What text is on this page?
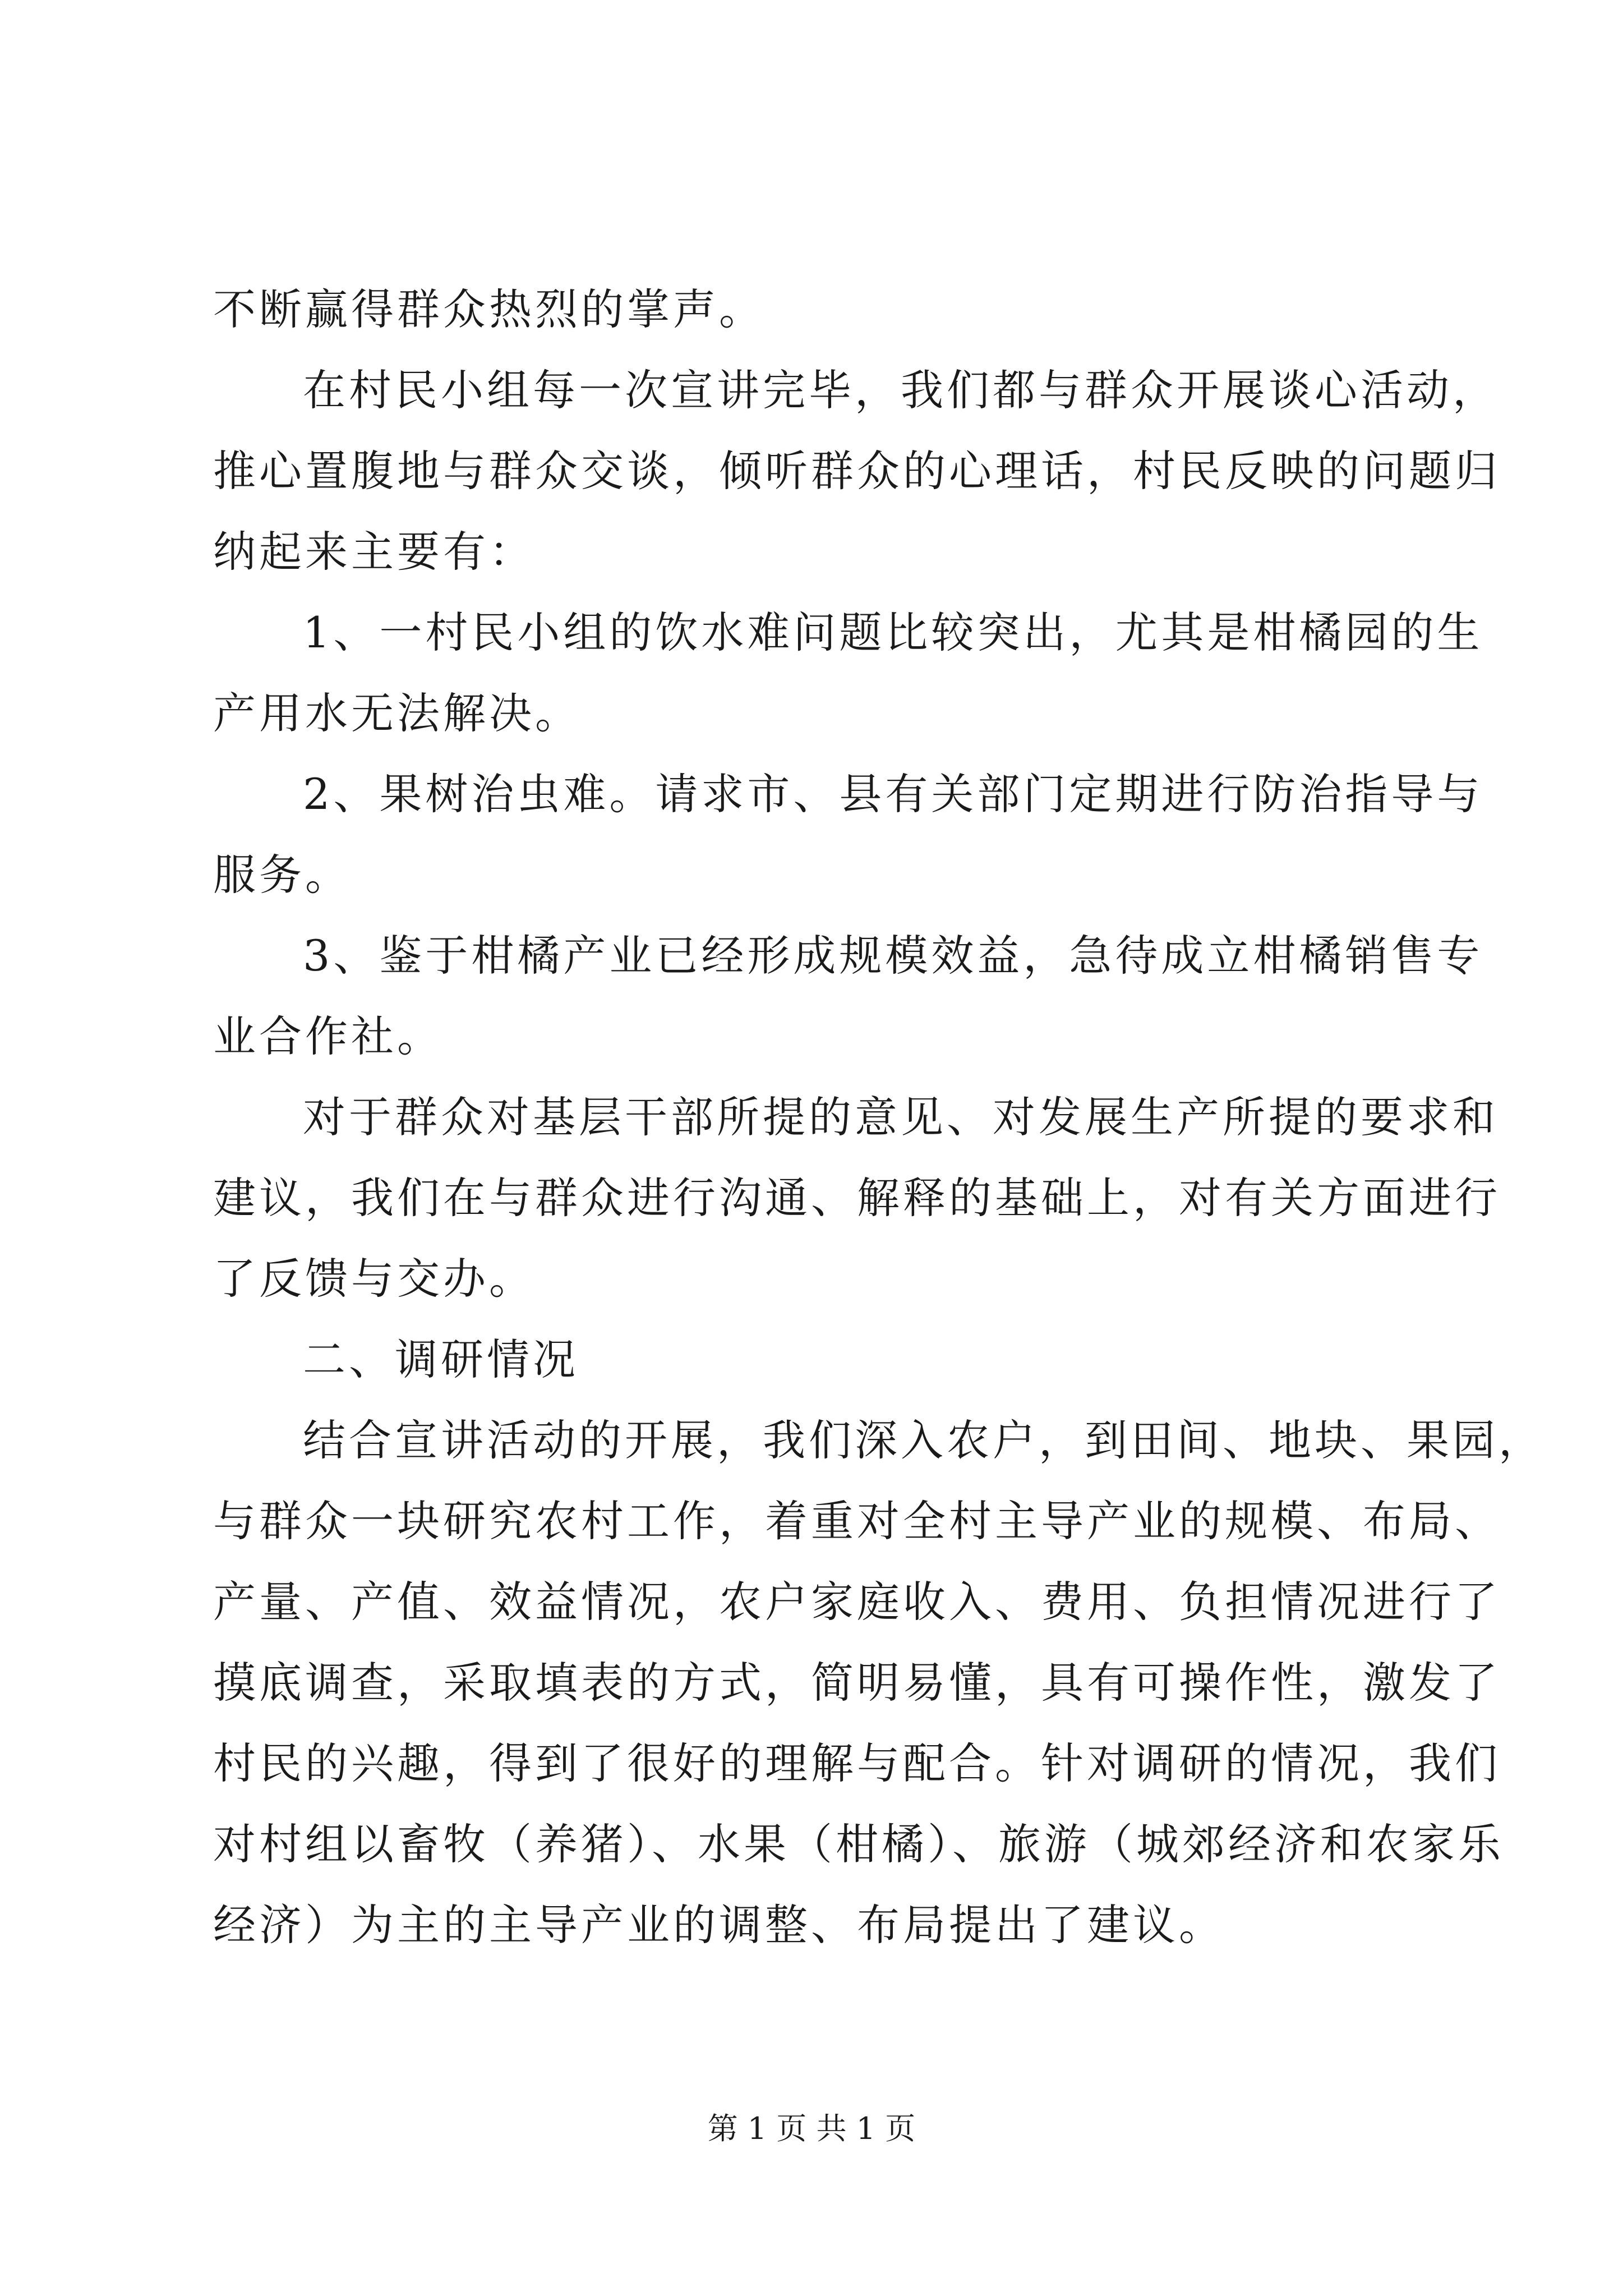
不断赢得群众热烈的掌声。
在村民小组每一次宣讲完毕，我们都与群众开展谈心活动，
推心置腹地与群众交谈，倾听群众的心理话，村民反映的问题归
纳起来主要有：
1、一村民小组的饮水难问题比较突出，尤其是柑橘园的生
产用水无法解决。
2、果树治虫难。请求市、县有关部门定期进行防治指导与
服务。
3、鉴于柑橘产业已经形成规模效益，急待成立柑橘销售专
业合作社。
对于群众对基层干部所提的意见、对发展生产所提的要求和
建议，我们在与群众进行沟通、解释的基础上，对有关方面进行
了反馈与交办。
二、调研情况
结合宣讲活动的开展，我们深入农户，到田间、地块、果园，
与群众一块研究农村工作，着重对全村主导产业的规模、布局、
产量、产值、效益情况，农户家庭收入、费用、负担情况进行了
摸底调查，采取填表的方式，简明易懂，具有可操作性，激发了
村民的兴趣，得到了很好的理解与配合。针对调研的情况，我们
对村组以畜牧（养猪）、水果（柑橘）、旅游（城郊经济和农家乐
经济）为主的主导产业的调整、布局提出了建议。
第 1 页 共 1 页
